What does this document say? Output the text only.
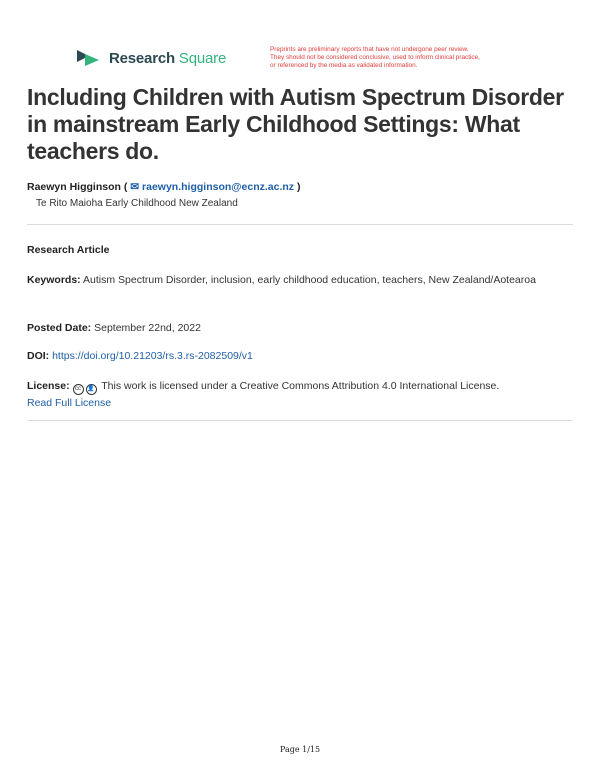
Research Square	Preprints are preliminary reports that have not undergone peer review.
They should not be considered conclusive, used to inform clinical practice,
or referenced by the media as validated information.
Including Children with Autism Spectrum Disorder in mainstream Early Childhood Settings: What teachers do.
Raewyn Higginson ( ✉ raewyn.higginson@ecnz.ac.nz )
Te Rito Maioha Early Childhood New Zealand
Research Article
Keywords: Autism Spectrum Disorder, inclusion, early childhood education, teachers, New Zealand/Aotearoa
Posted Date: September 22nd, 2022
DOI: https://doi.org/10.21203/rs.3.rs-2082509/v1
License: cc 👤 This work is licensed under a Creative Commons Attribution 4.0 International License.
Read Full License
Page 1/15
